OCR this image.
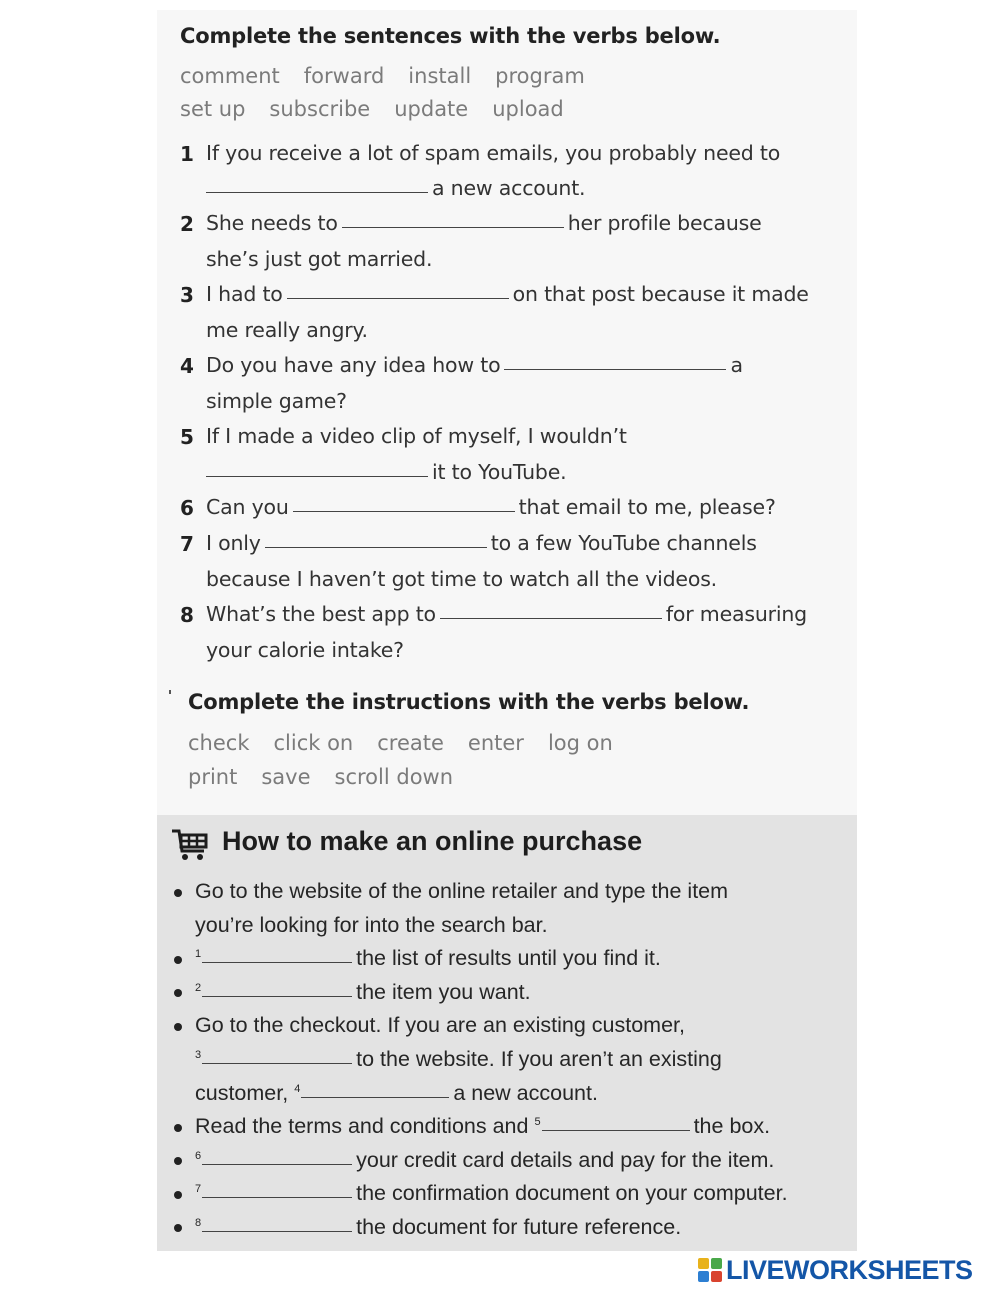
Complete the sentences with the verbs below.
comment forward install program
set up subscribe update upload
1 If you receive a lot of spam emails, you probably need to
a new account.
2 She needs to	her profile because
she’s just got married.
3 I had to	on that post because it made
me really angry.
4 Do you have any idea how to	a
simple game?
5 If I made a video clip of myself, I wouldn’t
it to YouTube.
6 Can you	that email to me, please?
7 I only	to a few YouTube channels
because I haven’t got time to watch all the videos.
8 What’s the best app to	for measuring
your calorie intake?
Complete the instructions with the verbs below.
check click on create enter log on
print save scroll down
How to make an online purchase
Go to the website of the online retailer and type the item
you’re looking for into the search bar.
$^1$	the list of results until you find it.
$^2$	the item you want.
Go to the checkout. If you are an existing customer,
$^3$	to the website. If you aren’t an existing
customer, $^4$	a new account.
Read the terms and conditions and $^5$	the box.
$^6$	your credit card details and pay for the item.
$^7$	the confirmation document on your computer.
$^8$	the document for future reference.
LIVEWORKSHEETS
